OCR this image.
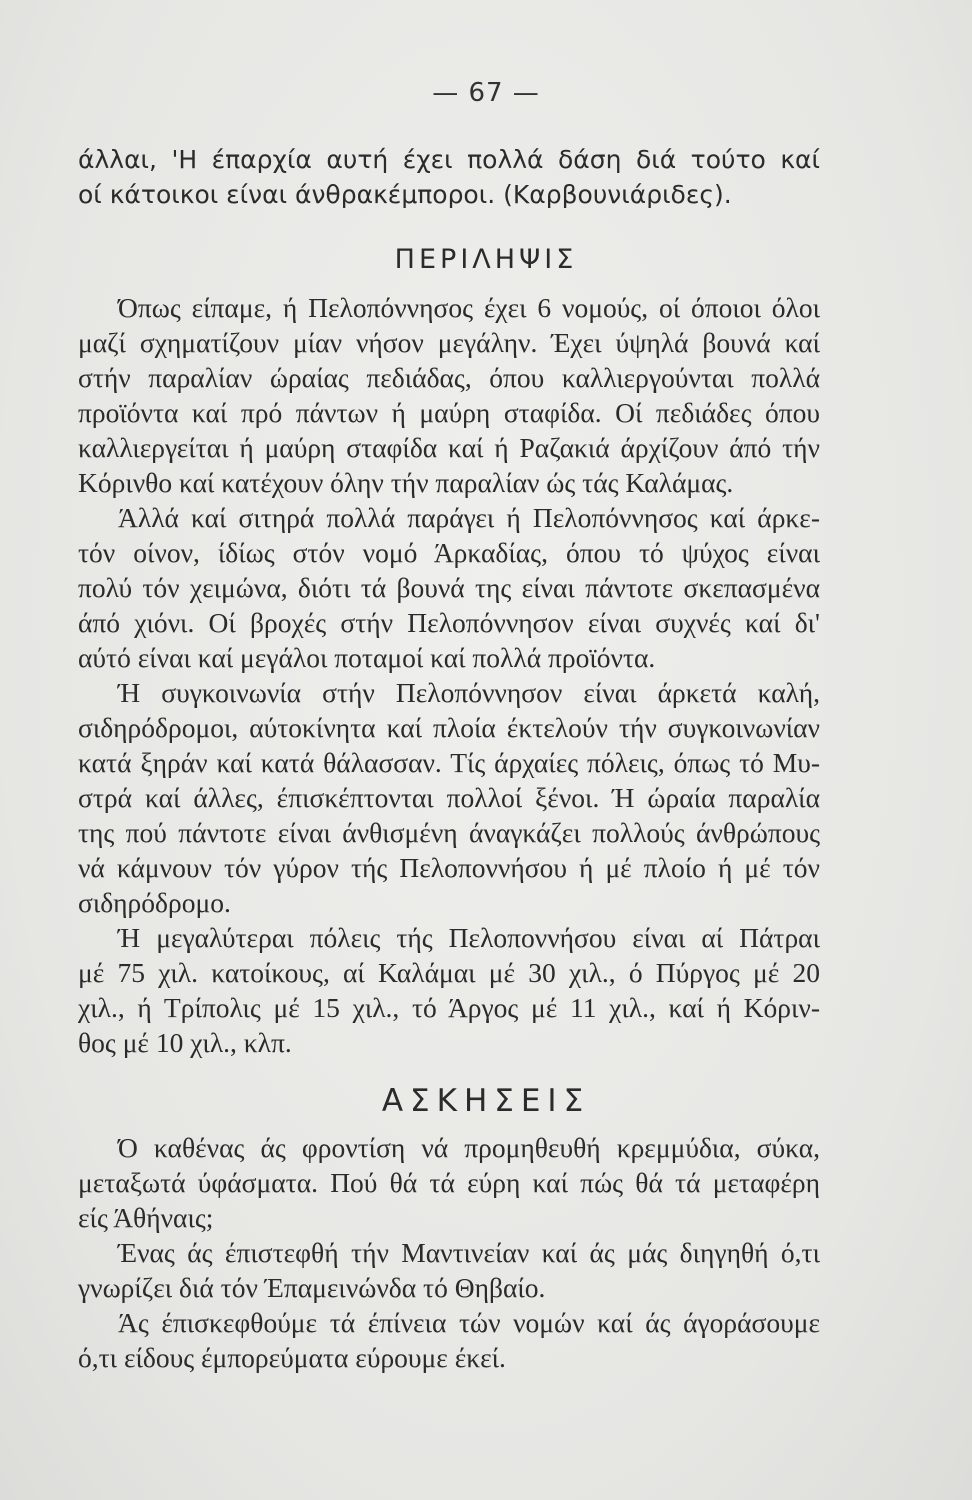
— 67 —
άλλαι, 'Η έπαρχία αυτή έχει πολλά δάση διά τούτο καί
οί κάτοικοι είναι άνθρακέμποροι. (Καρβουνιάριδες).
ΠΕΡΙΛΗΨΙΣ
Όπως είπαμε, ή Πελοπόννησος έχει 6 νομούς, οί όποιοι όλοι
μαζί σχηματίζουν μίαν νήσον μεγάλην. Έχει ύψηλά βουνά καί
στήν παραλίαν ώραίας πεδιάδας, όπου καλλιεργούνται πολλά
προϊόντα καί πρό πάντων ή μαύρη σταφίδα. Οί πεδιάδες όπου
καλλιεργείται ή μαύρη σταφίδα καί ή Ραζακιά άρχίζουν άπό τήν
Κόρινθο καί κατέχουν όλην τήν παραλίαν ώς τάς Καλάμας.
Άλλά καί σιτηρά πολλά παράγει ή Πελοπόννησος καί άρκε-
τόν οίνον, ίδίως στόν νομό Άρκαδίας, όπου τό ψύχος είναι
πολύ τόν χειμώνα, διότι τά βουνά της είναι πάντοτε σκεπασμένα
άπό χιόνι. Οί βροχές στήν Πελοπόννησον είναι συχνές καί δι'
αύτό είναι καί μεγάλοι ποταμοί καί πολλά προϊόντα.
Ή συγκοινωνία στήν Πελοπόννησον είναι άρκετά καλή,
σιδηρόδρομοι, αύτοκίνητα καί πλοία έκτελούν τήν συγκοινωνίαν
κατά ξηράν καί κατά θάλασσαν. Τίς άρχαίες πόλεις, όπως τό Μυ-
στρά καί άλλες, έπισκέπτονται πολλοί ξένοι. Ή ώραία παραλία
της πού πάντοτε είναι άνθισμένη άναγκάζει πολλούς άνθρώπους
νά κάμνουν τόν γύρον τής Πελοποννήσου ή μέ πλοίο ή μέ τόν
σιδηρόδρομο.
Ή μεγαλύτεραι πόλεις τής Πελοποννήσου είναι αί Πάτραι
μέ 75 χιλ. κατοίκους, αί Καλάμαι μέ 30 χιλ., ό Πύργος μέ 20
χιλ., ή Τρίπολις μέ 15 χιλ., τό Άργος μέ 11 χιλ., καί ή Κόριν-
θος μέ 10 χιλ., κλπ.
ΑΣΚΗΣΕΙΣ
Ό καθένας άς φροντίση νά προμηθευθή κρεμμύδια, σύκα,
μεταξωτά ύφάσματα. Πού θά τά εύρη καί πώς θά τά μεταφέρη
είς Άθήναις;
Ένας άς έπιστεφθή τήν Μαντινείαν καί άς μάς διηγηθή ό,τι
γνωρίζει διά τόν Έπαμεινώνδα τό Θηβαίο.
Άς έπισκεφθούμε τά έπίνεια τών νομών καί άς άγοράσουμε
ό,τι είδους έμπορεύματα εύρουμε έκεί.
